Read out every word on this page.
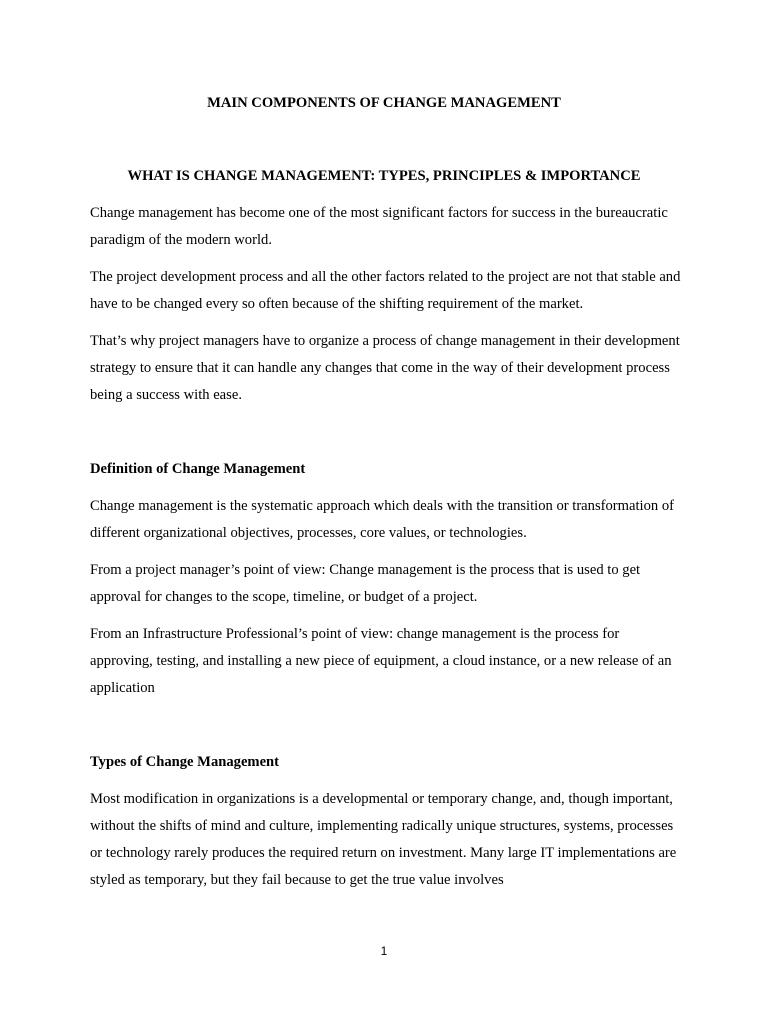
MAIN COMPONENTS OF CHANGE MANAGEMENT
WHAT IS CHANGE MANAGEMENT: TYPES, PRINCIPLES & IMPORTANCE

Change management has become one of the most significant factors for success in the bureaucratic paradigm of the modern world.

The project development process and all the other factors related to the project are not that stable and have to be changed every so often because of the shifting requirement of the market.

That’s why project managers have to organize a process of change management in their development strategy to ensure that it can handle any changes that come in the way of their development process being a success with ease.

Definition of Change Management

Change management is the systematic approach which deals with the transition or transformation of different organizational objectives, processes, core values, or technologies.

From a project manager’s point of view: Change management is the process that is used to get approval for changes to the scope, timeline, or budget of a project.

From an Infrastructure Professional’s point of view: change management is the process for approving, testing, and installing a new piece of equipment, a cloud instance, or a new release of an application

Types of Change Management

Most modification in organizations is a developmental or temporary change, and, though important, without the shifts of mind and culture, implementing radically unique structures, systems, processes or technology rarely produces the required return on investment. Many large IT implementations are styled as temporary, but they fail because to get the true value involves

1
